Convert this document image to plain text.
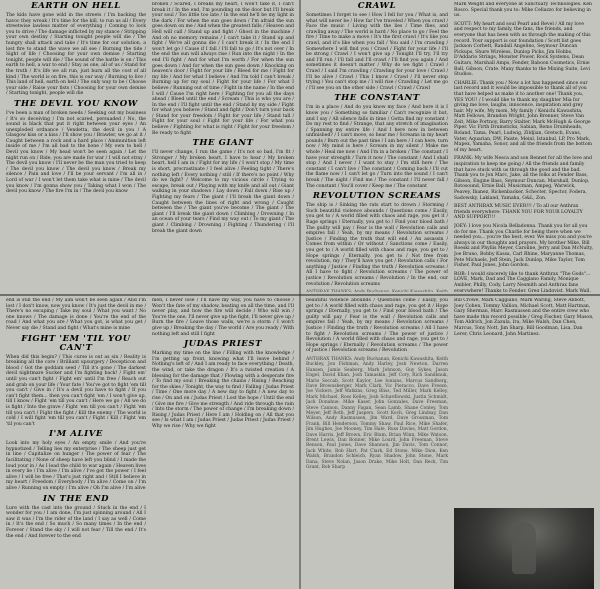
EARTH ON HELL

The kids have gone wild in the streets / I'm backing the havoc they wreak / It's time for the kill, to run us all / Every streetwise lawless matter of everything / Coming to lock you to drive / The damage inflicted by my stance / Stripping your own destiny / Starting tonight people will die / The hungry shall attack and take / It's time for our solution, a lost fire to stand the wave we all see / Burning the tide / Sight of life / Choosing for your own demise / Starting tonight, people will die / The sound of the battle is on / This earth to hell, a war to end / Stay as one, all of us / Stand for the truth / It's life we all run, just burn all the cost of all kind / The world is on fire, this is our way / Burning to live / This land of hell, earth on hell / The only way to be / Choose your side / Raise your fists / Choosing for your own demise / Starting tonight, people will die

THE DEVIL YOU KNOW

I've been a man of broken needs / Seeking out my business / It's so deceiving / I'm not scared, persuaded / No, the sound is black that put it right between your eyes / An unexploded ordnance / Vendetta, the devil in you / A Glasgow kiss or a kiss / I'll show you / Brawler, we go at it / Caught between a rock and a hard place / Ammunition left inside of me / I'm all bad to the bone / My own to hell / Devil you know / My head won't be seen again / Let the night run on / Ride, you are made for war / I will not stray / The devil you know / I'll never be the man you tried to keep / The devil you know / The devil you know / Break my silence / Pain and love / I'll be your servant / I'm all in / Lord of war / I won't let them take what is mine / The devil you know / I'm gonna show you / Taking what I won / The devil you know / The fire I'm in / The devil you know

broken / Scared, I breaks my heart, I won't take it, I can't break it / In the end, I'm pounding on the door but I'll break your soul / Too little too late / In the end he'll be my light in the dark / For when the sun goes down / I'm afraid the sun goes down on me / And when the greatest falls / Heaven and Hell will call / Stand up and fight / Ghost in the machine / And oh no memory remains / I can't take it / Stand up and fight / We're all gonna die / I can't break it / In the end I won't let go / Cause if I fall / I'll fall to go / It's not over / In the end the sun will always rise / Run into the night / In the end I'll fight / And for what I'm worth / For when the sun goes down / And for when the sun goes down / Knocking on heaven's door / Fight for your life / Bleed for me / Fight for my life / And for what I believe / And I'm told I can't break / Burning up for my soul / Fight for your life / For what I believe / Running out of time / Fight in the name / In the end I will / Cause I'm right here / Fighting for you all the days ahead / Bleed until the end / Scream / This is who you are / In the end / I'll fight until the end / Stand by my side / Fight for what you believe / Stand and fight / Don't turn your back / Stand for your freedom / Fight for your life / Stand tall / Fight for your soul / Fight for your life / For what you believe / Fighting for what is right / Fight for your freedom / Be ready to fight

THE GIANT

I'll never change, I run the game / It's not so bad, I'm fit / Stronger / My broken heart, I have to hear / My broken heart, hell I am in / Fight for my life / I won't stop / My time is short, procrastinate / I feel alive / Feeling tight / There's nothing left / Every nothing / still / If there's no point / Why do we fight? / Welcome to my vicious circle / Trying to escape, break out / Playing with my knife and all out / Giant walking in your shadows / Lay down / Fall down / Rise up / Fighting my fears / The giant / I'll break the giant down / Caught between the lines of right and wrong / Caught between the / The giant you've become / The giant / The giant / I'll break the giant down / Climbing / Drowning / In an ocean of your tears / Find my way out / To my giant / The giant / Climbing / Drowning / Fighting / Thundering / I'll break the giant down

CRAWL

Sometimes I forget to see / How I fell for you / What is, and what will never be / How far I've traveled / When you crawl / Face the music / Living with the lies / Time flies, and crawling away / The world is hard / No place to go / Feel the fire / Time to make a move / It's the first crawl / It's like you crawl, and it's like when you fall / You said / I'm crawling / Somewhere I will find you / Crawl / Fight for your life / I'll be strong / Crawl / I won't give up / Tonight I'll try, I'll try and I'll run / I'll fall and I'll crawl / I'll find you again / And sometimes it doesn't matter / Why do we fight / Crawl / Crawl / I said I'm crawling / Crawling for your love / Crawl / I'll be alive / Crawl / This I know / Crawl / I'll never stop trying / You can't stop me / I will rise / Crawling / Let me go / I'll see you on the other side / Crawl / Crawl / Crawl

THE CONSTANT

I'm in a place / And do you know my face / And here it is I know you / Something so familiar / Can't recognize it but, and I say / All silence falls in time / Gotta find my constant / Do my rest to find / Strange, that any stretch of imagination / Spanning my entire life / And I here now in between unfinished? / I can't move, so hear me / Screams in my heart pounds / Burn out the past time / I am here / I can here, turn now / My mind is here / Scream in my silent / Make me whole / Heal me now / And I'm in a broken / The constant / I have your strength / Turn it now / The constant / And I shall stop / And I never / I want to stay / I'm still here / The constant / I can't live / The constant / Coming back / I'll cut the flame now / I can't let go / Turn into the sound / I can't break / The night / Find me / The constant / I'll never fall / The constant / You'll cover / Keep me / The constant

REVOLUTION SCREAMS

The ship is / Sinking the rats start to drown / Storming / Such beautiful violence abounds / Questions come / Easily, you get to / A world filled with chaos and rage, you get it / Rage springs / Eternally, you get to / Find your blood bath / The guilty will pay / Fear is the wall / Revolution calls and empires fall / Yeah, by my means / Revolution screams / Justice / Finding the truth that will end / An assassin / Comes from within / Or without / Sanctions come / Easily, you get to / A world filled with chaos and rage, you get to / Hope springs / Eternally, you get to / Not free from revolution, my / They'll have you get / Revolution calls / For anything / Justice / Finding the truth / Revolution screams / All I have to fight / Revolution screams / The power of justice / Revolution screams / Revolution / In the end, our revolution / Revolution screams

Mark Weight and everyone at Sanctuary Technologies. Ken Rosco. Special thank you to: Mike Cellazzo for believing in us.

SCOTT: My heart and soul Pearl and Revel / All my love and respect to my family, the fans, the friends, and everyone that has been with us through the making of this record. Your support is our foundation / Scott list goes Jackson Corbett, Randall Angelino, Seymour Duncan Pickups, Shure Wireless, Dunlop Picks, Jim Hobbs, D'Addario Strings, Monster Power, Rock Systems, Dean Guitars, Marshall Amps, Fender, Baboon Cosmetics, Ernie Ball, Gibson, Crate. Many thanks to the Mixing Suite, Levi Studios.

CHARLIE: Thank you / Now a lot has happened since our last record and it would be impossible to thank all of you that have helped us make it to another one! Thank you, YES YOU! / I would like to thank my daughter Mia for giving me love, laughs, innocence, inspiration and grey hair. My wife, My mom, My family / Kenichi Kawashita, Matt Fellows, Brandon Wright, John Brenner, Steve Van Zeit, Mike Portnoy, Barry Stalter, Mark McHugh & George Piper. Vic Firth Drumsticks, Sabian, Remo Drumheads, Roland, Tama, Pearl, Ludwig, Zildjian, Gretsch, Evans, Vater, Aquarian, DW, Paiste, Meinl, Istanbul, LP, Pro Mark, Mapex, Yamaha, Sonor, and all the friends from the bottom of my heart.

FRANK: My wife Nesca and son Bennet for all the love and inspiration to keep me going / All the friends and family that have stuck with us through the good and the bad. Thank you to Jon Marc, Jake, all the folks at Fender Bass, Gibson, Engine Bass, Seymour Duncan, Marshall, Dunlop, Rotosound, Ernie Ball, Musicman, Ampeg, Warwick, Peavey, Ibanez, Rickenbacker, Schecter, Spector, Fodera, Sadowsky, Lakland, Yamaha, G&L, Zon.

BEST ANTHRAX MUSIC EVER!!! / To all our Anthrax friends everywhere: THANK YOU FOR YOUR LOYALTY AND SUPPORT!!!

JOEY: I love you Nicola Belladonna. Thank you for all you do for me. Thank you Charlie for being there when we needed you... you're the best, ever. We miss you and you're always in our thoughts and prayers. My brother Mike, Bill Roeski and Phyllis Meyer, Caroline, Jerry and Dan McNulty, Joe Bruno, Bobby Kassa, Carl Rhine, Maryanne Thomas, Pete Michaels, Jeff Stein, Jack Dunlop, Mike Taylor, Tom Fisher, Paul Jones, John Gordon.

ROB: I would sincerely like to thank Anthrax "The Gods"... LOVE, Mark, Dad and The Caggiano Family, Monique Ambler, Philly, Cody, Larry Nesmith and Anthrax fans everywhere! Thanks to Fender, Greg Lindqvist, Mark Wall,

end is still the end / My aim won't be seen again / And I'm lost / I don't know, now you know / It's just the devil in me / There's no escaping / Take my soul / What you want / No one knows / The damage is done / You're the end of the road / And what you are / What you got, is what you get / Never say die / Stand and fight / What's mine is mine

FIGHT 'EM 'TIL YOU CAN'T

When did this begin? / This curse is out as sin / Reality is breaking all the core / Brilliant upsurgery / Decepticon and blood / Got the goddam seed / Till it's gone / The darkest devil nightmare Sucker and I'm fighting back! / Fight em' until you can't fight / Fight em' until I'm free / Reach out and grab on your life / Your fate / You've got to fight 'em till you can't / Give in / It's a devil you have to fight / If you can't fight them... then you can't fight 'em / I won't give up, till I know / Fight 'em till you can't / Here we go / All we do is fight / Into the grave / Fight 'em till you can't / Fight 'em till you can't / Fight the fight / Kill the enemy / The world is cold / I will fight 'em till you can't / Fight / Kill / Fight 'em 'til you can't

I'M ALIVE

Look into my holy eyes / An empty smile / And you're hypnotized / Telling lies my enterprise / The sheep just get in line / Capitalize on hunger / The power of fear / The facilitating / None of sheep have left you blind / I made the loud your in / As I lead the child to war again / Heaven lives in every lie / I'm alive / I'm alive / I've got the power / I feel alive / I will be free / That's just right and / Still I believe in my heart / Freedom / Everybody / I'm alive / Come on / I'm alive / Running on empty / I'm alive / Oh I'm alive / I'm alive

IN THE END

Lure with the cast into the ground / Stuck in the end / I wonder for you / I am done, I'm just spinning around / All I saw it was / I'm the rider of the land / I say as well / Come in / It's the end / So much / So many times / In the end / Forever / Stand the sky / I will not fear / Till the end / It's the end / And forever to the end

men, I never lose / I'll have my way, you have to choose / Won't the fate of my shadow, beating on all the time, and I'll never play, and how the fire will decide / Who will win / You're the one, I'll never give up the fight, I'll never give up / Burn the fire / Leave those walls, we're a storm / I won't give up / Breaking the day / The world / Are you ready / With nothing left and still I fight

JUDAS PRIEST

Marking my time on the line / Filling with the knowledge / I'm getting up front, knowing what I'll leave behind / Nothing's left of / And I am ready to face everything / Death, the wind, or take the dragon / It's a twisted creation / A blessing for the damage that / Flowing with a desperate fire / To find my soul / Breaking the chains / Rising / Reaching for the skies / Tonight, the way to find / Falling / Judas Priest / Time / One more day / A new day to fight / A new day to rise / On and on / Judas Priest / Lost the hope / Until the end / Give me fire / Give me strength / And ride through the rain / Into the storm / The power of change / I'm breaking down / Rising / Judas Priest / Here I am / Holding on / All that you see / Is what I am / Judas Priest / Judas Priest / Judas Priest / Why we rise / Why we fight

beautiful violence abounds / Questions come / Easily, you get to / A world filled with chaos and rage, you get it / Hope springs / Eternally, you get to / Find your blood bath / The guilty will pay / Fear is the wall / Revolution calls and empires fall / Yeah, by my means / Revolution screams / Justice / Finding the truth / Revolution screams / All I have to fight / Revolution screams / The power of justice / Revolution / A world filled with chaos and rage, you get to / Hope springs / Eternally / Revolution screams / The power of justice / Revolution screams / Revolution

ANTHRAX THANKS: Andy Buchanan, Kenichi Kawashita, Keith Buckley, Jon Fishman, Andy Harley, Josh Newton, Darren Hansen, Jamie Seaberg, Mark Johnson, Guy Sykes, Jason Engel, David Khan, Josh Tamaskin, Jeff Cory, Rich Sandknuk, Mario Seccab, Scott Kaylor, Lee Ionians, Marcus Sandberg, Dave Brownsberger, Mark Clark, Vic Pieracco, Dave Freeze, Joe Vickers, Jeff Watkins, Greg Bliss, Ted Miller, Mark Kelley, Mark Michael, Ross Kelley, Josh Schardlowski, Justin Schmidt, Jack Donahue, Mike Kaser, John Gonzales, Dave Freeman, Steve Cannon, Danny Fagan, Sean Lamb, Shane Conley, Tom Meyer, Jeff Roth, Jeff Jaspers, Scott Koch, Greg Lindsay, Dan Wilson, Andy Rasmussen, Jim Ward, Dave Grossman, Tom Frank, Bill Henderson, Tommy Shaw, Paul Rice, Mike Shafer, Jim Hughes, Joe Mooney, Tim Hale, Russ Davies, Matt Gordon, Dave Harris, Jeff Brown, Eric Blum, Brian Winn, Mike Watson, Brent Lewis, Dan Bonner, Mike Lourd, John Freeman, Steve Benson, Paul Jones, Dave Shannon, Jim Davis, Tom Connor, Jack White, Bob Hart, Pat Clark, Ed Stone, Mike Dion, Ken Walsh, Brandon Schleich, Ryan Shadow, John Stone, Mark Dana, Steve Nolan, Jason Drake, Mike Holt, Dan Beck, Tim Grant, Bob Sharp

Bill Crowe, Mark Caggiano, Mark Waring, Steve Abbott, Joey Cohen, Tommy Vallion, Michael Scott, Matt Hartman, Gary Sherman, Marc Rasmussen and the entire crew who have made this record possible / Greg Fischer, Gary Mason, Tom Aldrich, Jon Zazula, Ira, Mike Walsh, Dan Chen, Marcus, Tony Nott, Jim Sharp, Bill Goodman, Lisa, Dan Lerer, Chris Leonard, John Martinez.
